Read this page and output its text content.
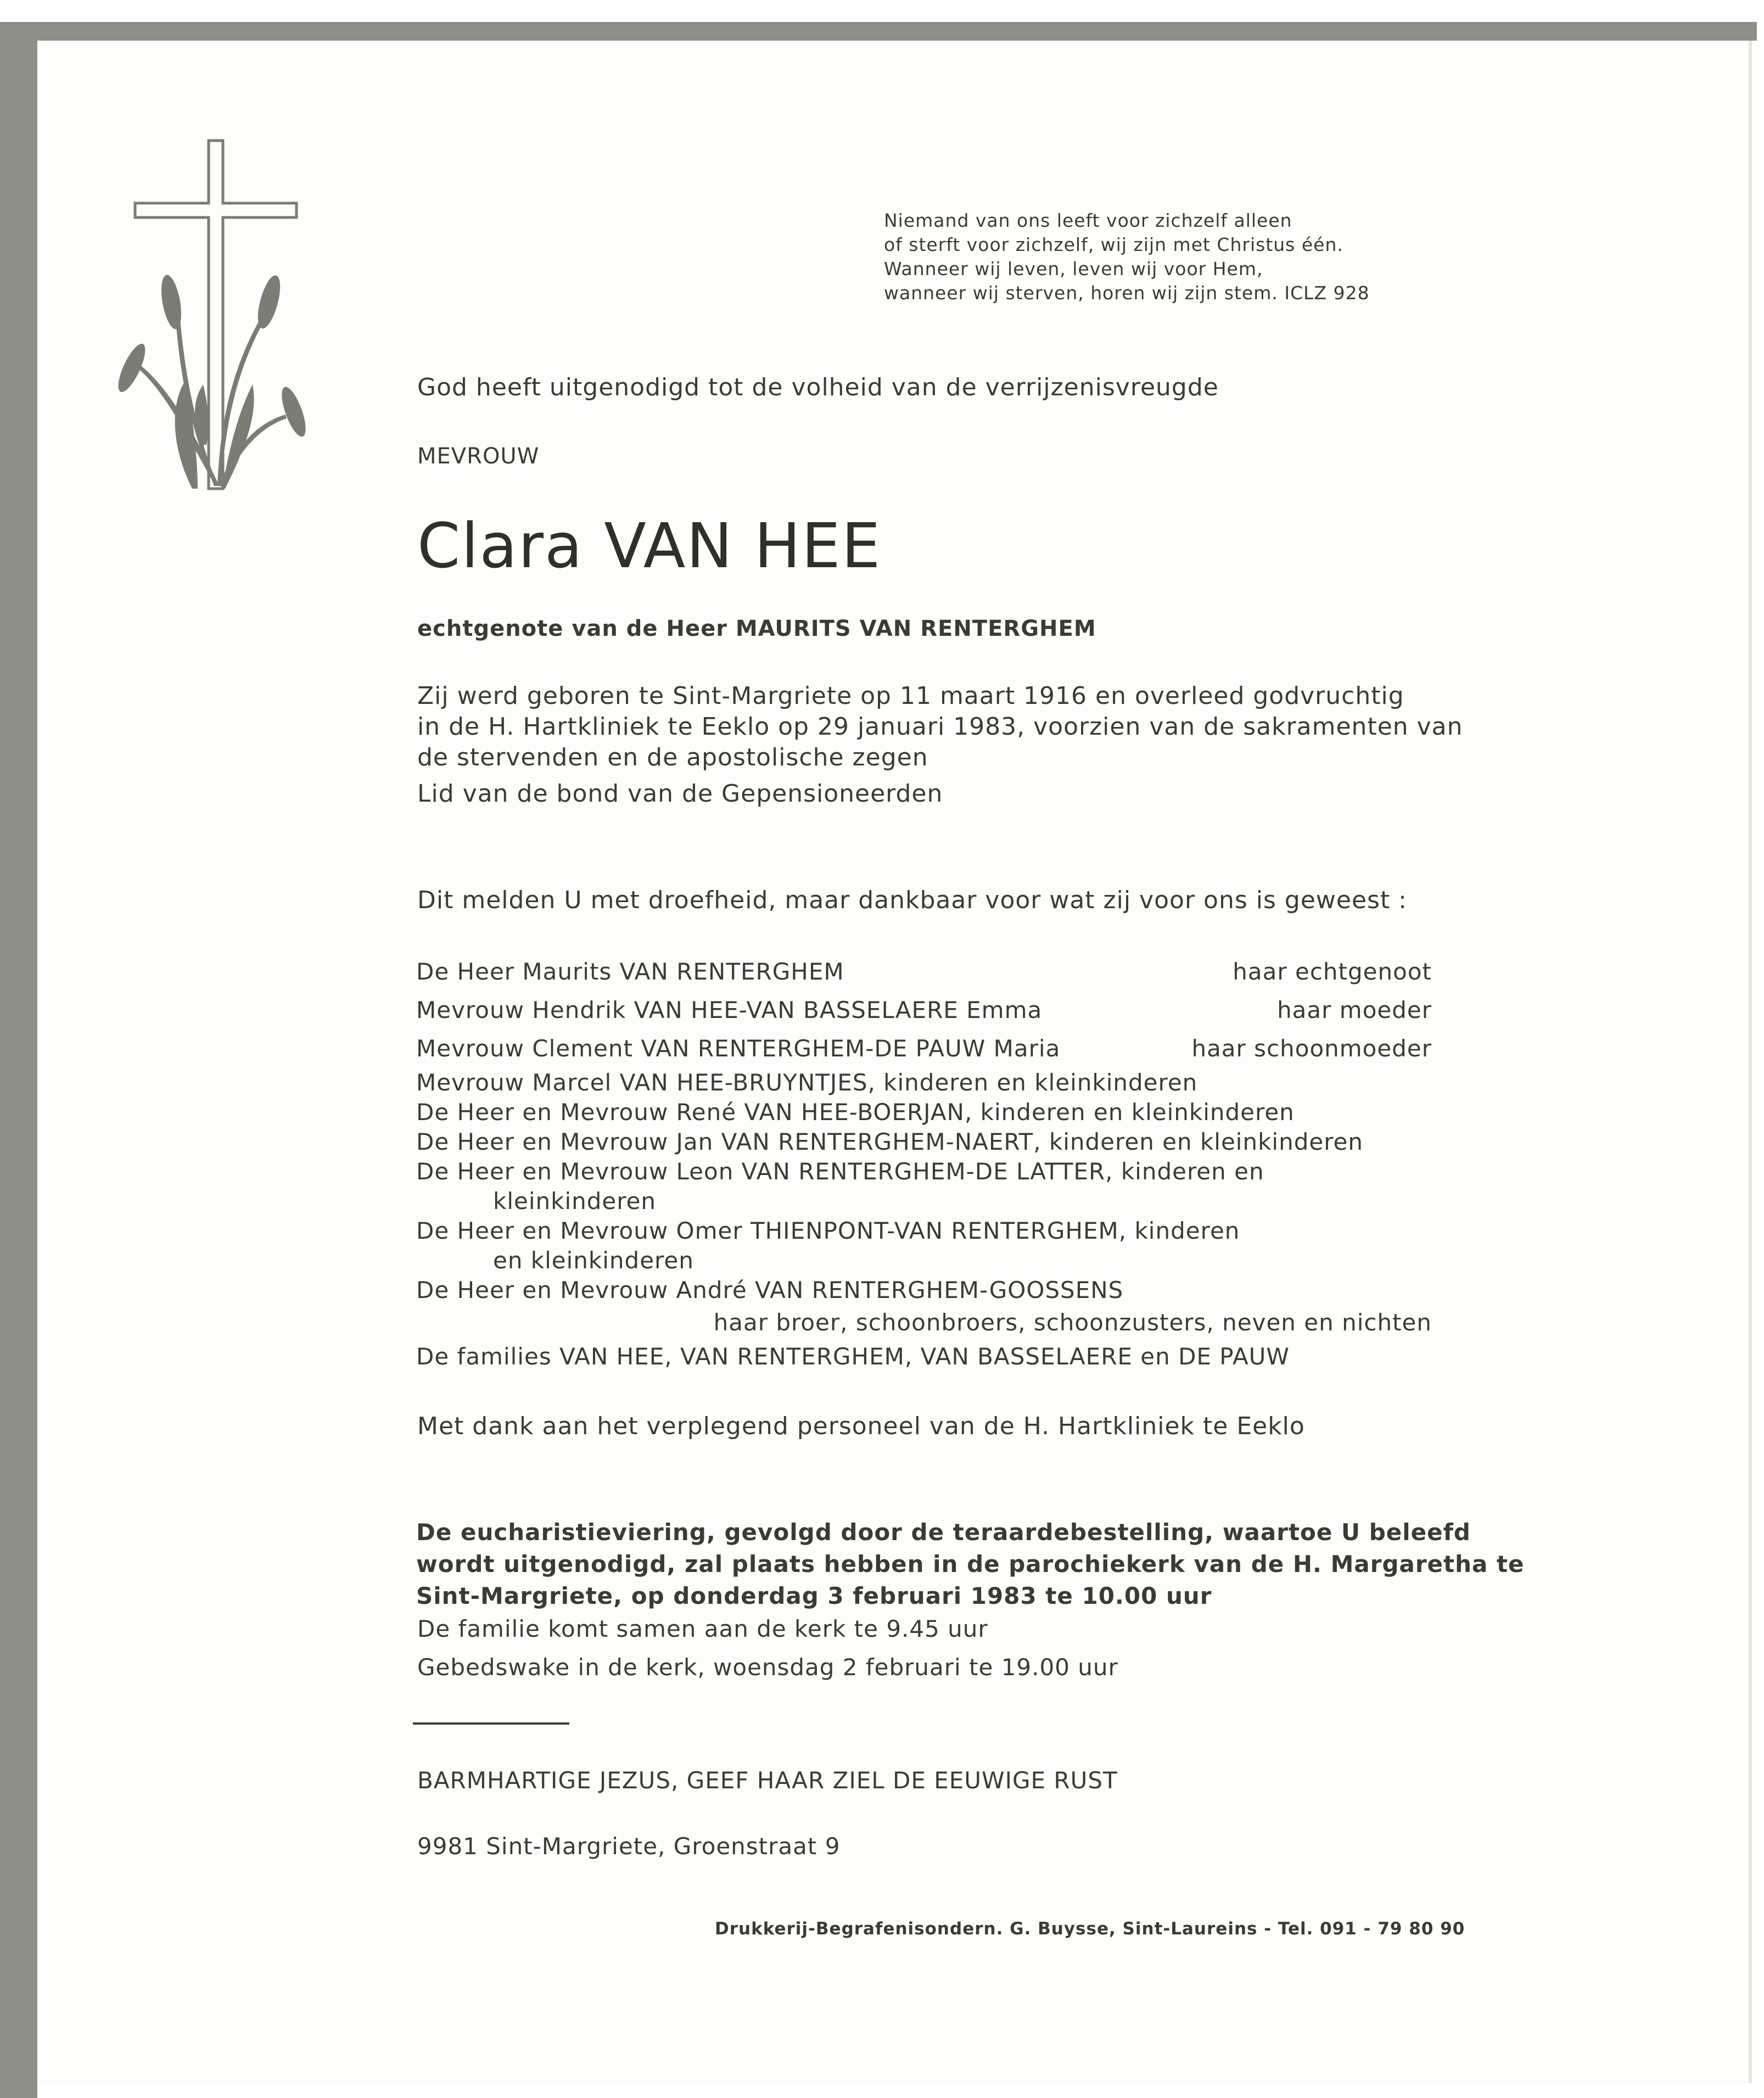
Niemand van ons leeft voor zichzelf alleen
of sterft voor zichzelf, wij zijn met Christus één.
Wanneer wij leven, leven wij voor Hem,
wanneer wij sterven, horen wij zijn stem. ICLZ 928
God heeft uitgenodigd tot de volheid van de verrijzenisvreugde
MEVROUW
Clara VAN HEE
echtgenote van de Heer MAURITS VAN RENTERGHEM
Zij werd geboren te Sint-Margriete op 11 maart 1916 en overleed godvruchtig
in de H. Hartkliniek te Eeklo op 29 januari 1983, voorzien van de sakramenten van
de stervenden en de apostolische zegen
Lid van de bond van de Gepensioneerden
Dit melden U met droefheid, maar dankbaar voor wat zij voor ons is geweest :
De Heer Maurits VAN RENTERGHEM	haar echtgenoot
Mevrouw Hendrik VAN HEE-VAN BASSELAERE Emma	haar moeder
Mevrouw Clement VAN RENTERGHEM-DE PAUW Maria	haar schoonmoeder
Mevrouw Marcel VAN HEE-BRUYNTJES, kinderen en kleinkinderen
De Heer en Mevrouw René VAN HEE-BOERJAN, kinderen en kleinkinderen
De Heer en Mevrouw Jan VAN RENTERGHEM-NAERT, kinderen en kleinkinderen
De Heer en Mevrouw Leon VAN RENTERGHEM-DE LATTER, kinderen en
kleinkinderen
De Heer en Mevrouw Omer THIENPONT-VAN RENTERGHEM, kinderen
en kleinkinderen
De Heer en Mevrouw André VAN RENTERGHEM-GOOSSENS
haar broer, schoonbroers, schoonzusters, neven en nichten
De families VAN HEE, VAN RENTERGHEM, VAN BASSELAERE en DE PAUW
Met dank aan het verplegend personeel van de H. Hartkliniek te Eeklo
De eucharistieviering, gevolgd door de teraardebestelling, waartoe U beleefd
wordt uitgenodigd, zal plaats hebben in de parochiekerk van de H. Margaretha te
Sint-Margriete, op donderdag 3 februari 1983 te 10.00 uur
De familie komt samen aan de kerk te 9.45 uur
Gebedswake in de kerk, woensdag 2 februari te 19.00 uur
BARMHARTIGE JEZUS, GEEF HAAR ZIEL DE EEUWIGE RUST
9981 Sint-Margriete, Groenstraat 9
Drukkerij-Begrafenisondern. G. Buysse, Sint-Laureins - Tel. 091 - 79 80 90
